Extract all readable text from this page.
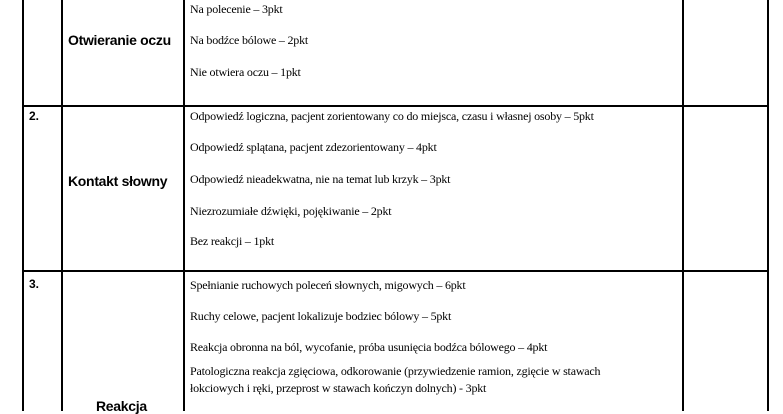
Otwieranie oczu
Na polecenie – 3pkt
Na bodźce bólowe – 2pkt
Nie otwiera oczu – 1pkt
2.
Kontakt słowny
Odpowiedź logiczna, pacjent zorientowany co do miejsca, czasu i własnej osoby – 5pkt
Odpowiedź splątana, pacjent zdezorientowany – 4pkt
Odpowiedź nieadekwatna, nie na temat lub krzyk – 3pkt
Niezrozumiałe dźwięki, pojękiwanie – 2pkt
Bez reakcji – 1pkt
3.
Reakcja
Spełnianie ruchowych poleceń słownych, migowych – 6pkt
Ruchy celowe, pacjent lokalizuje bodziec bólowy – 5pkt
Reakcja obronna na ból, wycofanie, próba usunięcia bodźca bólowego – 4pkt
Patologiczna reakcja zgięciowa, odkorowanie (przywiedzenie ramion, zgięcie w stawach
łokciowych i ręki, przeprost w stawach kończyn dolnych) - 3pkt
